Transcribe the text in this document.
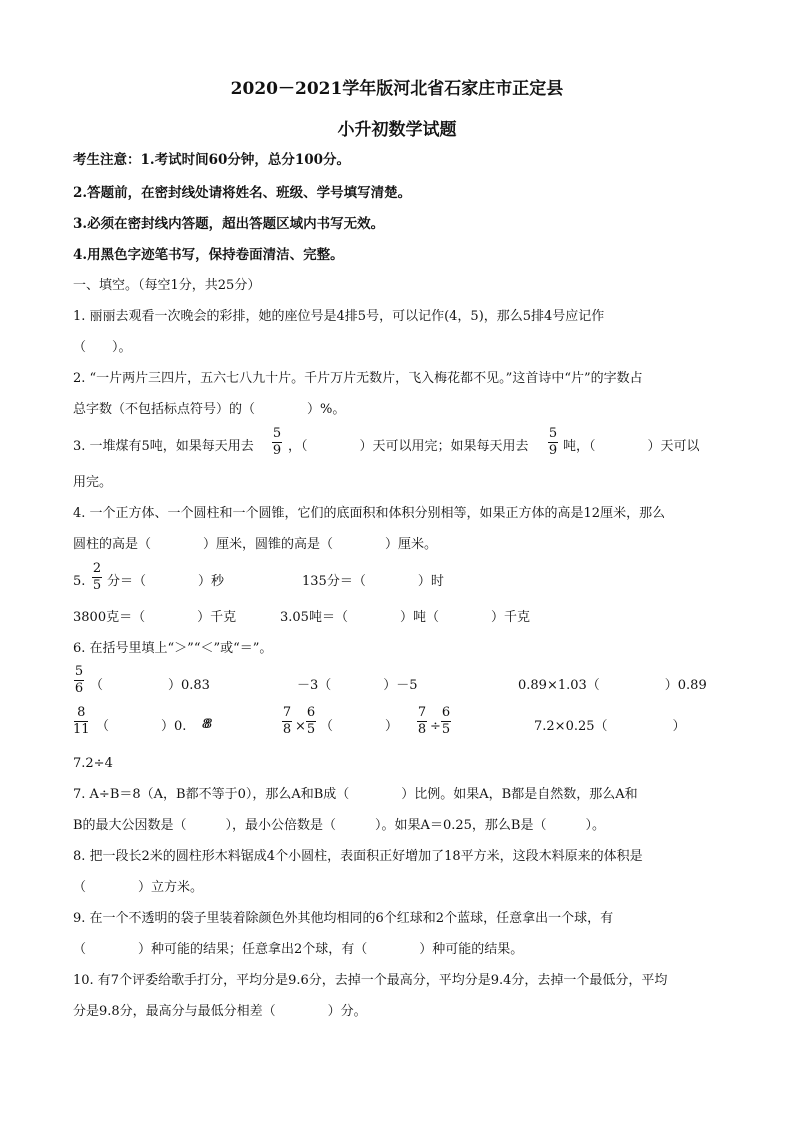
2020－2021学年版河北省石家庄市正定县
小升初数学试题
考生注意：1.考试时间60分钟，总分100分。
2.答题前，在密封线处请将姓名、班级、学号填写清楚。
3.必须在密封线内答题，超出答题区域内书写无效。
4.用黑色字迹笔书写，保持卷面清洁、完整。
一、填空。（每空1分，共25分）
1. 丽丽去观看一次晚会的彩排，她的座位号是4排5号，可以记作(4，5)，那么5排4号应记作
（　　）。
2. “一片两片三四片，五六七八九十片。千片万片无数片，飞入梅花都不见。”这首诗中“片”的字数占
总字数（不包括标点符号）的（　　　　）%。
3. 一堆煤有5吨，如果每天用去
5
9 ，（　　　　）天可以用完；如果每天用去
5
9 吨，（　　　　）天可以
用完。
4. 一个正方体、一个圆柱和一个圆锥，它们的底面积和体积分别相等，如果正方体的高是12厘米，那么
圆柱的高是（　　　　）厘米，圆锥的高是（　　　　）厘米。
5.
2
5 分＝（　　　　）秒	135分＝（　　　　）时
3800克＝（　　　　）千克	3.05吨＝（　　　　）吨（　　　　）千克
6. 在括号里填上“＞”“＜”或“＝”。
5
6 （　　　　　）0.83	－3（　　　　）－5	0.89×1.03（　　　　　）0.89
8
11 （　　　　）0. 88
7
8 ×
6
5 （　　　　）
7
8 ÷
6
5	7.2×0.25（　　　　　）
7.2÷4
7. A÷B＝8（A，B都不等于0），那么A和B成（　　　　）比例。如果A，B都是自然数，那么A和
B的最大公因数是（　　　），最小公倍数是（　　　）。如果A＝0.25，那么B是（　　　）。
8. 把一段长2米的圆柱形木料锯成4个小圆柱，表面积正好增加了18平方米，这段木料原来的体积是
（　　　　）立方米。
9. 在一个不透明的袋子里装着除颜色外其他均相同的6个红球和2个蓝球，任意拿出一个球，有
（　　　　）种可能的结果；任意拿出2个球，有（　　　　）种可能的结果。
10. 有7个评委给歌手打分，平均分是9.6分，去掉一个最高分，平均分是9.4分，去掉一个最低分，平均
分是9.8分，最高分与最低分相差（　　　　）分。
